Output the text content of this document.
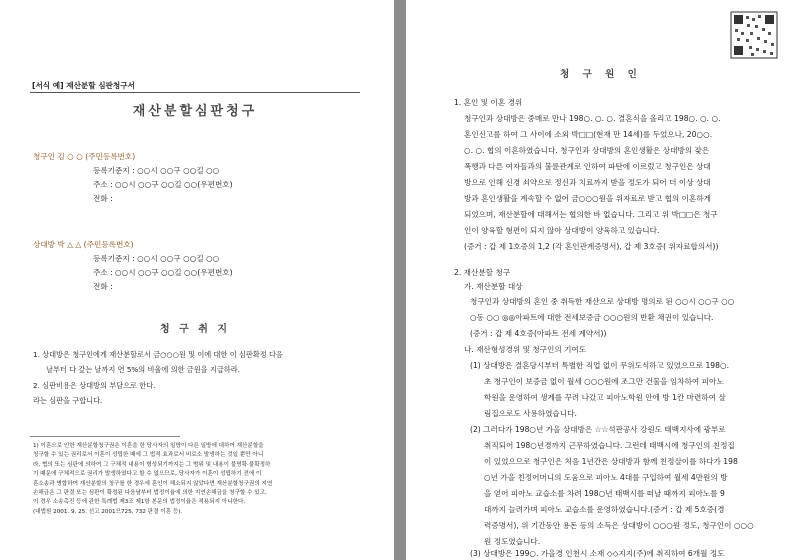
[서식 예] 재산분할 심판청구서
재산분할심판청구
청구인 김 ○ ○ (주민등록번호)
등록기준지 : ○○시 ○○구 ○○길 ○○
주소 : ○○시 ○○구 ○○길 ○○(우편번호)
전화 :
상대방 박 △ △ (주민등록번호)
등록기준지 : ○○시 ○○구 ○○길 ○○
주소 : ○○시 ○○구 ○○길 ○○(우편번호)
전화 :
청 구 취 지
1. 상대방은 청구인에게 재산분할로서 금○○○원 및 이에 대한 이 심판확정 다음
날부터 다 갚는 날까지 연 5%의 비율에 의한 금원을 지급하라.
2. 심판비용은 상대방의 부담으로 한다.
라는 심판을 구합니다.
1) 이혼으로 인한 재산분할청구권은 이혼을 한 당사자의 일방이 다른 일방에 대하여 재산분할을
청구할 수 있는 권리로서 이혼이 성립한 때에 그 법적 효과로서 비로소 발생하는 것일 뿐만 아니
라, 협의 또는 심판에 의하여 그 구체적 내용이 형성되기까지는 그 범위 및 내용이 불명확·불확정하
기 때문에 구체적으로 권리가 발생하였다고 할 수 없으므로, 당사자가 이혼이 성립하기 전에 이
혼소송과 병합하여 재산분할의 청구를 한 경우에 혼인이 해소되지 않았다면 재산분할청구권의 지연
손해금은 그 판결 또는 심판이 확정된 다음날부터 법정이율에 의한 지연손해금을 청구할 수 있고,
이 경우 소송촉진 등에 관한 특례법 제3조 제1항 본문의 법정이율은 적용되지 아니한다.
(대법원 2001. 9. 25. 선고 2001므725, 732 판결 이혼 등).
청 구 원 인
1. 혼인 및 이혼 경위
청구인과 상대방은 중매로 만나 198○. ○. ○. 결혼식을 올리고 198○. ○. ○.
혼인신고를 하여 그 사이에 소외 박□□(현재 만 14세)를 두었으나, 20○○.
○. ○. 협의 이혼하였습니다. 청구인과 상대방의 혼인생활은 상대방의 잦은
폭행과 다른 여자들과의 불륜관계로 인하여 파탄에 이르렀고 청구인은 상대
방으로 인해 신경 쇠약으로 정신과 치료까지 받을 정도가 되어 더 이상 상대
방과 혼인생활을 계속할 수 없어 금○○○원을 위자료로 받고 협의 이혼하게
되었으며, 재산분할에 대해서는 협의한 바 없습니다. 그리고 위 박□□은 청구
인이 양육할 형편이 되지 않아 상대방이 양육하고 있습니다.
(증거 : 갑 제 1호증의 1,2 (각 혼인관계증명서), 갑 제 3호증( 위자료합의서))
2. 재산분할 청구
가. 재산분할 대상
청구인과 상대방의 혼인 중 취득한 재산으로 상대방 명의로 된 ○○시 ○○구 ○○
○동 ○○ ◎◎아파트에 대한 전세보증금 ○○○원의 반환 채권이 있습니다.
(증거 : 갑 제 4호증(아파트 전세 계약서))
나. 재산형성경위 및 청구인의 기여도
(1) 상대방은 결혼당시부터 특별한 직업 없이 무위도식하고 있었으므로 198○.
초 청구인이 보증금 없이 월세 ○○○원에 조그만 건물을 임차하여 피아노
학원을 운영하여 생계를 꾸려 나갔고 피아노학원 안에 방 1칸 마련하여 살
림집으로도 사용하였습니다.
(2) 그러다가 198○년 가을 상대방은 ☆☆석판공사 강원도 태백지사에 광부로
취직되어 198○년경까지 근무하였습니다. 그런데 태백시에 청구인의 친정집
이 있었으므로 청구인은 처음 1년간은 상대방과 함께 친정살이를 하다가 198
○년 가을 친정어머니의 도움으로 피아노 4대를 구입하여 월세 4만원의 방
을 얻어 피아노 교습소를 차려 198○년 태백시를 떠날 때까지 피아노를 9
대까지 늘려가며 피아노 교습소를 운영하였습니다.(증거 : 갑 제 5호증(경
력증명서), 위 기간동안 용돈 등의 소득은 상대방이 ○○○원 정도, 청구인이 ○○○
원 정도였습니다.
(3) 상대방은 199○. 가을경 인천시 소재 ◇◇지지(주)에 취직하여 6개월 정도
